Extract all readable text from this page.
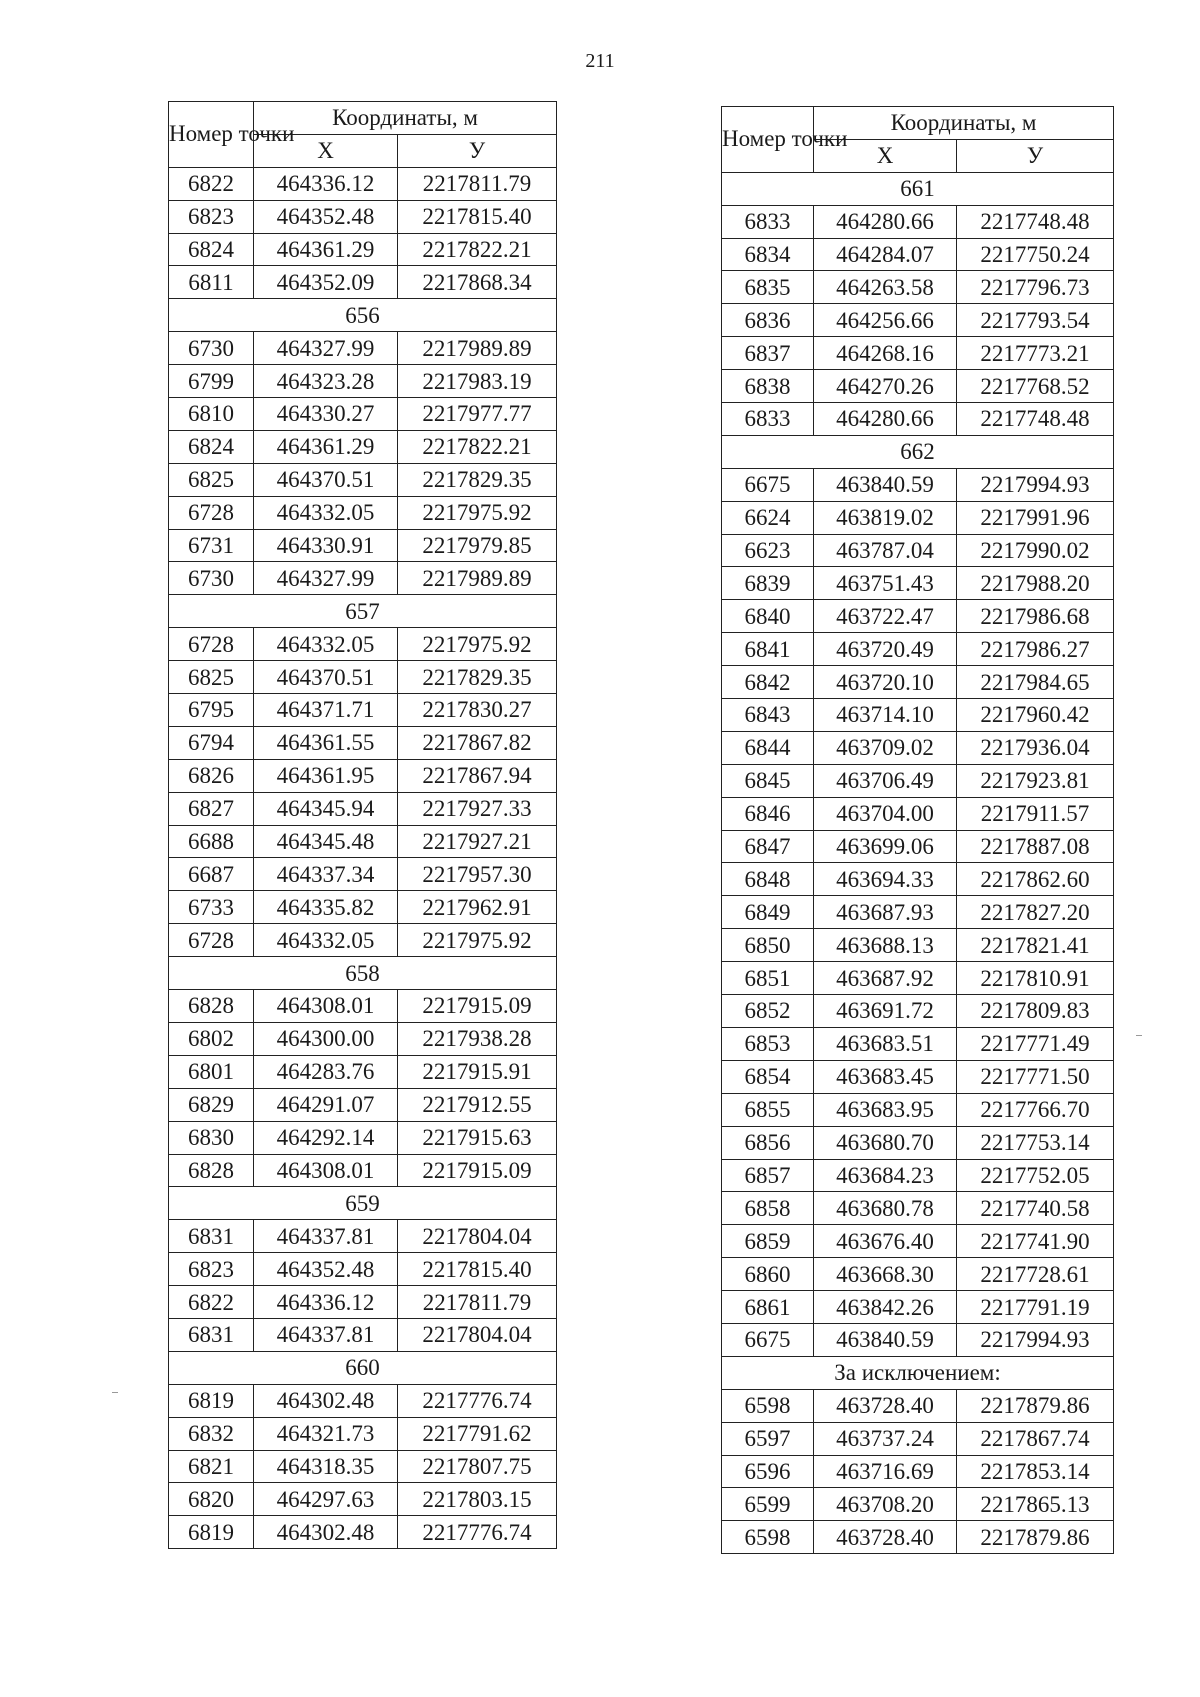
211
Номер точки	Координаты, м	
	X	У
6822	464336.12	2217811.79
6823	464352.48	2217815.40
6824	464361.29	2217822.21
6811	464352.09	2217868.34
656		
6730	464327.99	2217989.89
6799	464323.28	2217983.19
6810	464330.27	2217977.77
6824	464361.29	2217822.21
6825	464370.51	2217829.35
6728	464332.05	2217975.92
6731	464330.91	2217979.85
6730	464327.99	2217989.89
657		
6728	464332.05	2217975.92
6825	464370.51	2217829.35
6795	464371.71	2217830.27
6794	464361.55	2217867.82
6826	464361.95	2217867.94
6827	464345.94	2217927.33
6688	464345.48	2217927.21
6687	464337.34	2217957.30
6733	464335.82	2217962.91
6728	464332.05	2217975.92
658		
6828	464308.01	2217915.09
6802	464300.00	2217938.28
6801	464283.76	2217915.91
6829	464291.07	2217912.55
6830	464292.14	2217915.63
6828	464308.01	2217915.09
659		
6831	464337.81	2217804.04
6823	464352.48	2217815.40
6822	464336.12	2217811.79
6831	464337.81	2217804.04
660		
6819	464302.48	2217776.74
6832	464321.73	2217791.62
6821	464318.35	2217807.75
6820	464297.63	2217803.15
6819	464302.48	2217776.74
Номер точки	Координаты, м	
	X	У
661		
6833	464280.66	2217748.48
6834	464284.07	2217750.24
6835	464263.58	2217796.73
6836	464256.66	2217793.54
6837	464268.16	2217773.21
6838	464270.26	2217768.52
6833	464280.66	2217748.48
662		
6675	463840.59	2217994.93
6624	463819.02	2217991.96
6623	463787.04	2217990.02
6839	463751.43	2217988.20
6840	463722.47	2217986.68
6841	463720.49	2217986.27
6842	463720.10	2217984.65
6843	463714.10	2217960.42
6844	463709.02	2217936.04
6845	463706.49	2217923.81
6846	463704.00	2217911.57
6847	463699.06	2217887.08
6848	463694.33	2217862.60
6849	463687.93	2217827.20
6850	463688.13	2217821.41
6851	463687.92	2217810.91
6852	463691.72	2217809.83
6853	463683.51	2217771.49
6854	463683.45	2217771.50
6855	463683.95	2217766.70
6856	463680.70	2217753.14
6857	463684.23	2217752.05
6858	463680.78	2217740.58
6859	463676.40	2217741.90
6860	463668.30	2217728.61
6861	463842.26	2217791.19
6675	463840.59	2217994.93
За исключением:		
6598	463728.40	2217879.86
6597	463737.24	2217867.74
6596	463716.69	2217853.14
6599	463708.20	2217865.13
6598	463728.40	2217879.86
